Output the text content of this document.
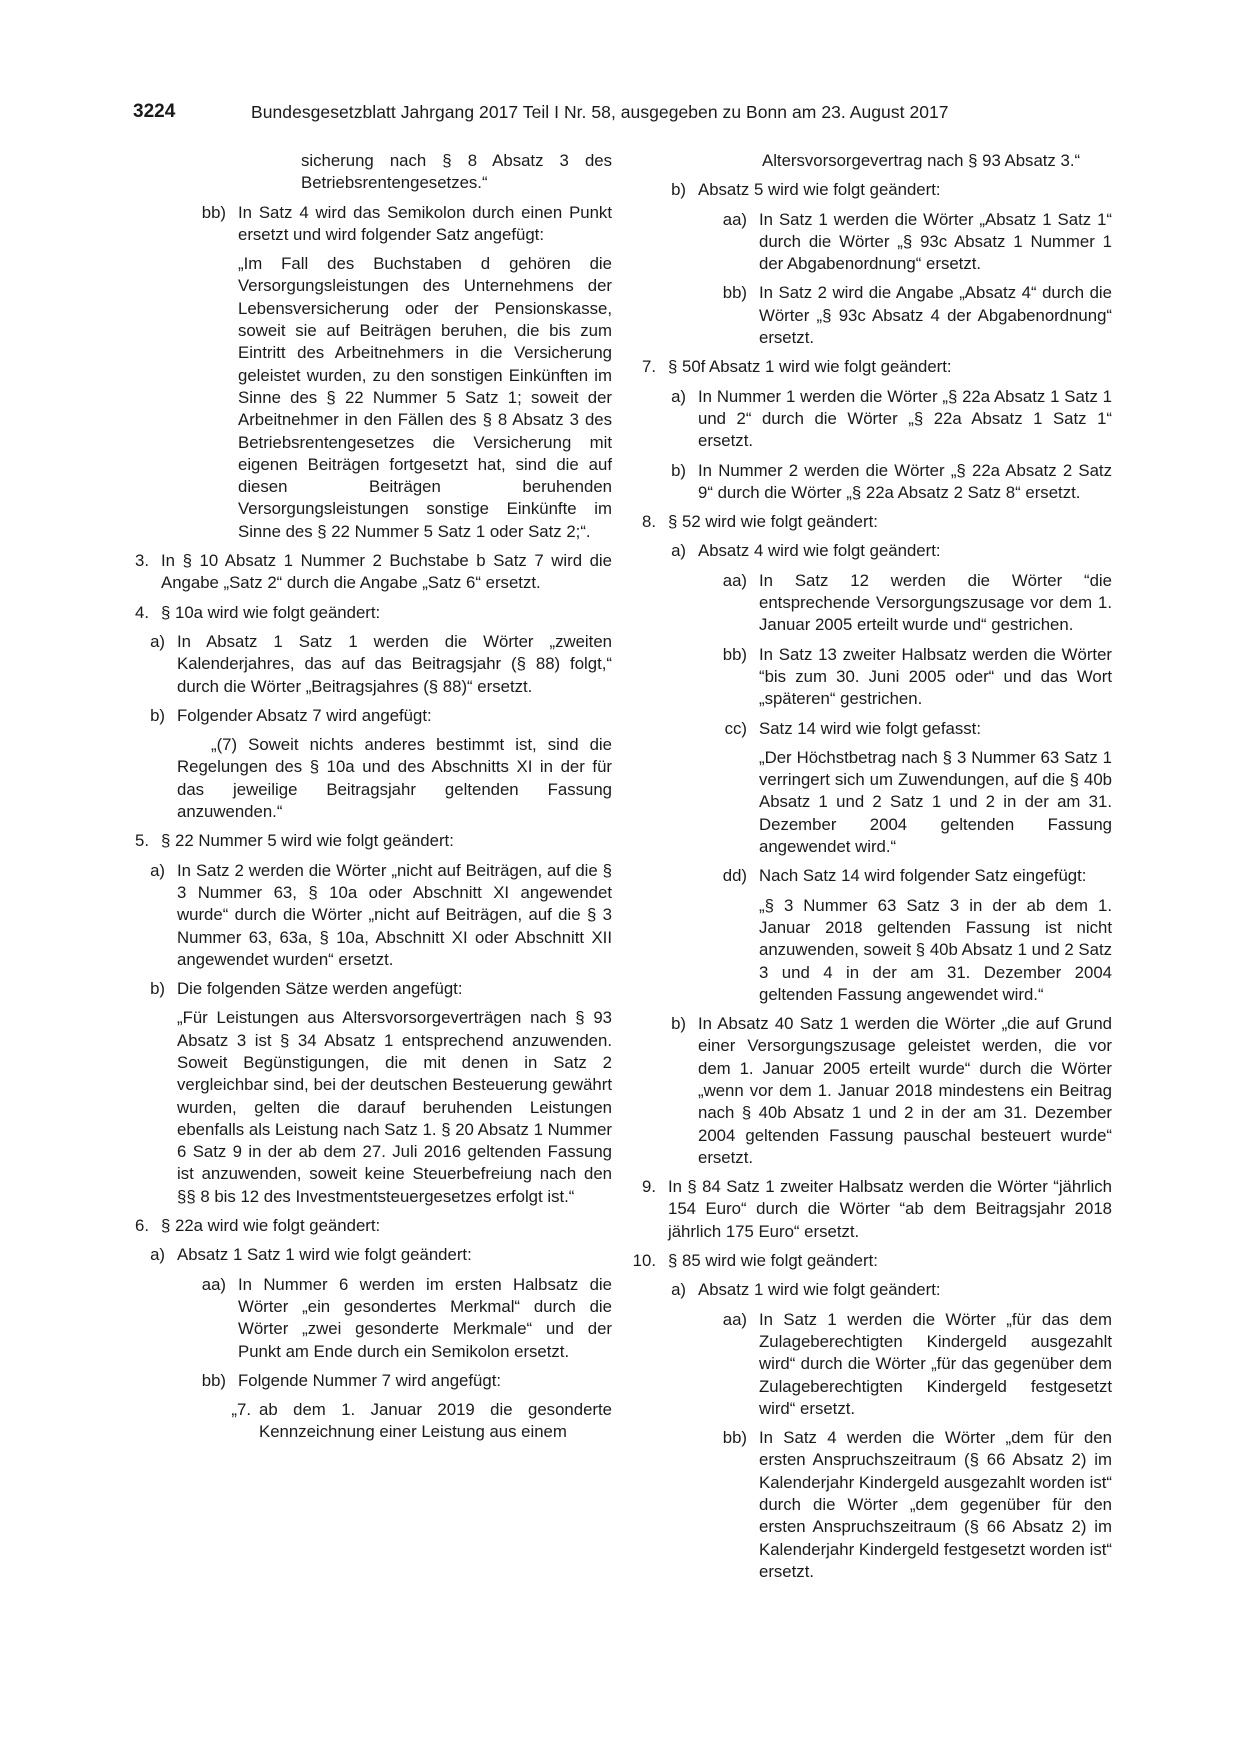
3224	Bundesgesetzblatt Jahrgang 2017 Teil I Nr. 58, ausgegeben zu Bonn am 23. August 2017
sicherung nach § 8 Absatz 3 des Betriebsrentengesetzes.“
bb) In Satz 4 wird das Semikolon durch einen Punkt ersetzt und wird folgender Satz angefügt:
„Im Fall des Buchstaben d gehören die Versorgungsleistungen des Unternehmens der Lebensversicherung oder der Pensionskasse, soweit sie auf Beiträgen beruhen, die bis zum Eintritt des Arbeitnehmers in die Versicherung geleistet wurden, zu den sonstigen Einkünften im Sinne des § 22 Nummer 5 Satz 1; soweit der Arbeitnehmer in den Fällen des § 8 Absatz 3 des Betriebsrentengesetzes die Versicherung mit eigenen Beiträgen fortgesetzt hat, sind die auf diesen Beiträgen beruhenden Versorgungsleistungen sonstige Einkünfte im Sinne des § 22 Nummer 5 Satz 1 oder Satz 2;“.
3. In § 10 Absatz 1 Nummer 2 Buchstabe b Satz 7 wird die Angabe „Satz 2“ durch die Angabe „Satz 6“ ersetzt.
4. § 10a wird wie folgt geändert:
a) In Absatz 1 Satz 1 werden die Wörter „zweiten Kalenderjahres, das auf das Beitragsjahr (§ 88) folgt,“ durch die Wörter „Beitragsjahres (§ 88)“ ersetzt.
b) Folgender Absatz 7 wird angefügt:
„(7) Soweit nichts anderes bestimmt ist, sind die Regelungen des § 10a und des Abschnitts XI in der für das jeweilige Beitragsjahr geltenden Fassung anzuwenden.“
5. § 22 Nummer 5 wird wie folgt geändert:
a) In Satz 2 werden die Wörter „nicht auf Beiträgen, auf die § 3 Nummer 63, § 10a oder Abschnitt XI angewendet wurde“ durch die Wörter „nicht auf Beiträgen, auf die § 3 Nummer 63, 63a, § 10a, Abschnitt XI oder Abschnitt XII angewendet wurden“ ersetzt.
b) Die folgenden Sätze werden angefügt:
„Für Leistungen aus Altersvorsorgeverträgen nach § 93 Absatz 3 ist § 34 Absatz 1 entsprechend anzuwenden. Soweit Begünstigungen, die mit denen in Satz 2 vergleichbar sind, bei der deutschen Besteuerung gewährt wurden, gelten die darauf beruhenden Leistungen ebenfalls als Leistung nach Satz 1. § 20 Absatz 1 Nummer 6 Satz 9 in der ab dem 27. Juli 2016 geltenden Fassung ist anzuwenden, soweit keine Steuerbefreiung nach den §§ 8 bis 12 des Investmentsteuergesetzes erfolgt ist.“
6. § 22a wird wie folgt geändert:
a) Absatz 1 Satz 1 wird wie folgt geändert:
aa) In Nummer 6 werden im ersten Halbsatz die Wörter „ein gesondertes Merkmal“ durch die Wörter „zwei gesonderte Merkmale“ und der Punkt am Ende durch ein Semikolon ersetzt.
bb) Folgende Nummer 7 wird angefügt:
„7. ab dem 1. Januar 2019 die gesonderte Kennzeichnung einer Leistung aus einem
Altersvorsorgevertrag nach § 93 Absatz 3.“
b) Absatz 5 wird wie folgt geändert:
aa) In Satz 1 werden die Wörter „Absatz 1 Satz 1“ durch die Wörter „§ 93c Absatz 1 Nummer 1 der Abgabenordnung“ ersetzt.
bb) In Satz 2 wird die Angabe „Absatz 4“ durch die Wörter „§ 93c Absatz 4 der Abgabenordnung“ ersetzt.
7. § 50f Absatz 1 wird wie folgt geändert:
a) In Nummer 1 werden die Wörter „§ 22a Absatz 1 Satz 1 und 2“ durch die Wörter „§ 22a Absatz 1 Satz 1“ ersetzt.
b) In Nummer 2 werden die Wörter „§ 22a Absatz 2 Satz 9“ durch die Wörter „§ 22a Absatz 2 Satz 8“ ersetzt.
8. § 52 wird wie folgt geändert:
a) Absatz 4 wird wie folgt geändert:
aa) In Satz 12 werden die Wörter “die entsprechende Versorgungszusage vor dem 1. Januar 2005 erteilt wurde und“ gestrichen.
bb) In Satz 13 zweiter Halbsatz werden die Wörter “bis zum 30. Juni 2005 oder“ und das Wort „späteren“ gestrichen.
cc) Satz 14 wird wie folgt gefasst:
„Der Höchstbetrag nach § 3 Nummer 63 Satz 1 verringert sich um Zuwendungen, auf die § 40b Absatz 1 und 2 Satz 1 und 2 in der am 31. Dezember 2004 geltenden Fassung angewendet wird.“
dd) Nach Satz 14 wird folgender Satz eingefügt:
„§ 3 Nummer 63 Satz 3 in der ab dem 1. Januar 2018 geltenden Fassung ist nicht anzuwenden, soweit § 40b Absatz 1 und 2 Satz 3 und 4 in der am 31. Dezember 2004 geltenden Fassung angewendet wird.“
b) In Absatz 40 Satz 1 werden die Wörter „die auf Grund einer Versorgungszusage geleistet werden, die vor dem 1. Januar 2005 erteilt wurde“ durch die Wörter „wenn vor dem 1. Januar 2018 mindestens ein Beitrag nach § 40b Absatz 1 und 2 in der am 31. Dezember 2004 geltenden Fassung pauschal besteuert wurde“ ersetzt.
9. In § 84 Satz 1 zweiter Halbsatz werden die Wörter “jährlich 154 Euro“ durch die Wörter “ab dem Beitragsjahr 2018 jährlich 175 Euro“ ersetzt.
10. § 85 wird wie folgt geändert:
a) Absatz 1 wird wie folgt geändert:
aa) In Satz 1 werden die Wörter „für das dem Zulageberechtigten Kindergeld ausgezahlt wird“ durch die Wörter „für das gegenüber dem Zulageberechtigten Kindergeld festgesetzt wird“ ersetzt.
bb) In Satz 4 werden die Wörter „dem für den ersten Anspruchszeitraum (§ 66 Absatz 2) im Kalenderjahr Kindergeld ausgezahlt worden ist“ durch die Wörter „dem gegenüber für den ersten Anspruchszeitraum (§ 66 Absatz 2) im Kalenderjahr Kindergeld festgesetzt worden ist“ ersetzt.
